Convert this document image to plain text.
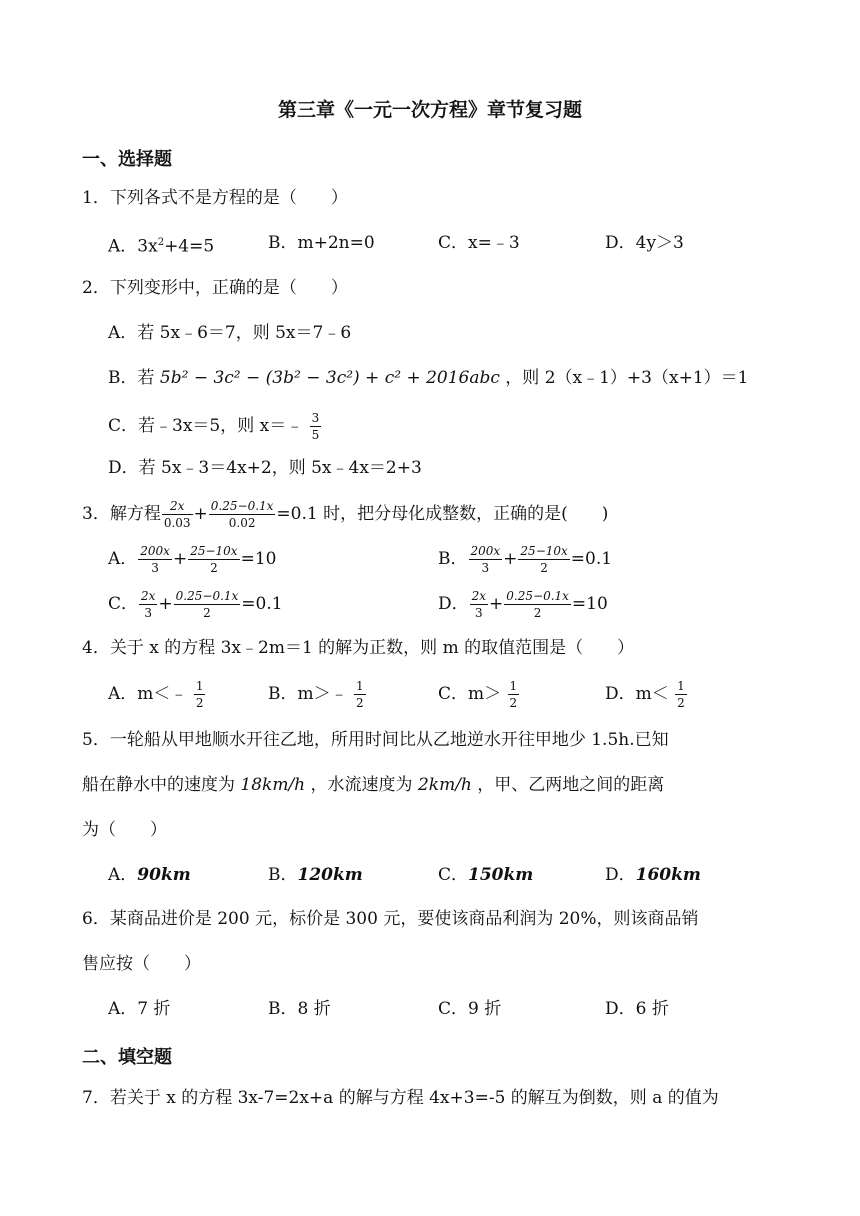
第三章《一元一次方程》章节复习题
一、选择题
1．下列各式不是方程的是（　　）
A．$3x^2+4=5$	B．m+2n=0	C．x=﹣3	D．4y＞3
2．下列变形中，正确的是（　　）
A．若 5x﹣6＝7，则 5x＝7﹣6
B．若 5b² − 3c² − (3b² − 3c²) + c² + 2016abc ，则 2（x﹣1）+3（x+1）＝1
C．若﹣3x＝5，则 x＝﹣ $\frac{3}{5}$
D．若 5x﹣3＝4x+2，则 5x﹣4x＝2+3
3．解方程 $\frac{2x}{0.03} + \frac{0.25-0.1x}{0.02} =0.1$ 时，把分母化成整数，正确的是(　　)
A． $\frac{200x}{3} + \frac{25-10x}{2} =10$	B． $\frac{200x}{3} + \frac{25-10x}{2} =0.1$
C． $\frac{2x}{3} + \frac{0.25-0.1x}{2} =0.1$	D． $\frac{2x}{3} + \frac{0.25-0.1x}{2} =10$
4．关于 x 的方程 3x﹣2m＝1 的解为正数，则 m 的取值范围是（　　）
A．m＜﹣ $\frac{1}{2}$	B．m＞﹣ $\frac{1}{2}$	C．$m> \frac{1}{2}$	D．$m< \frac{1}{2}$
5．一轮船从甲地顺水开往乙地，所用时间比从乙地逆水开往甲地少 1.5h.已知
船在静水中的速度为 18km/h ，水流速度为 2km/h ，甲、乙两地之间的距离
为（　　）
A．90km	B．120km	C．150km	D．160km
6．某商品进价是 200 元，标价是 300 元，要使该商品利润为 20%，则该商品销
售应按（　　）
A．7 折	B．8 折	C．9 折	D．6 折
二、填空题
7．若关于 x 的方程 3x-7=2x+a 的解与方程 4x+3=-5 的解互为倒数，则 a 的值为
